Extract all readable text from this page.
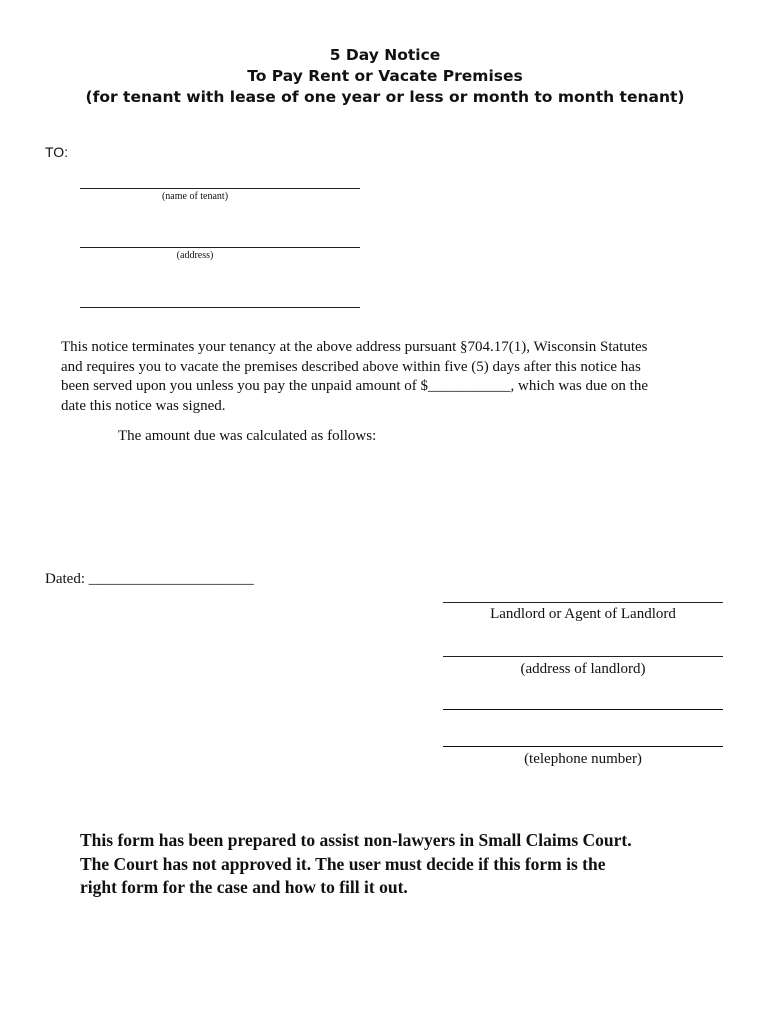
5 Day Notice
To Pay Rent or Vacate Premises
(for tenant with lease of one year or less or month to month tenant)
TO:
(name of tenant)
(address)
This notice terminates your tenancy at the above address pursuant §704.17(1), Wisconsin Statutes
and requires you to vacate the premises described above within five (5) days after this notice has
been served upon you unless you pay the unpaid amount of $___________, which was due on the
date this notice was signed.
The amount due was calculated as follows:
Dated: ______________________
Landlord or Agent of Landlord
(address of landlord)
(telephone number)
This form has been prepared to assist non-lawyers in Small Claims Court.
The Court has not approved it. The user must decide if this form is the
right form for the case and how to fill it out.
